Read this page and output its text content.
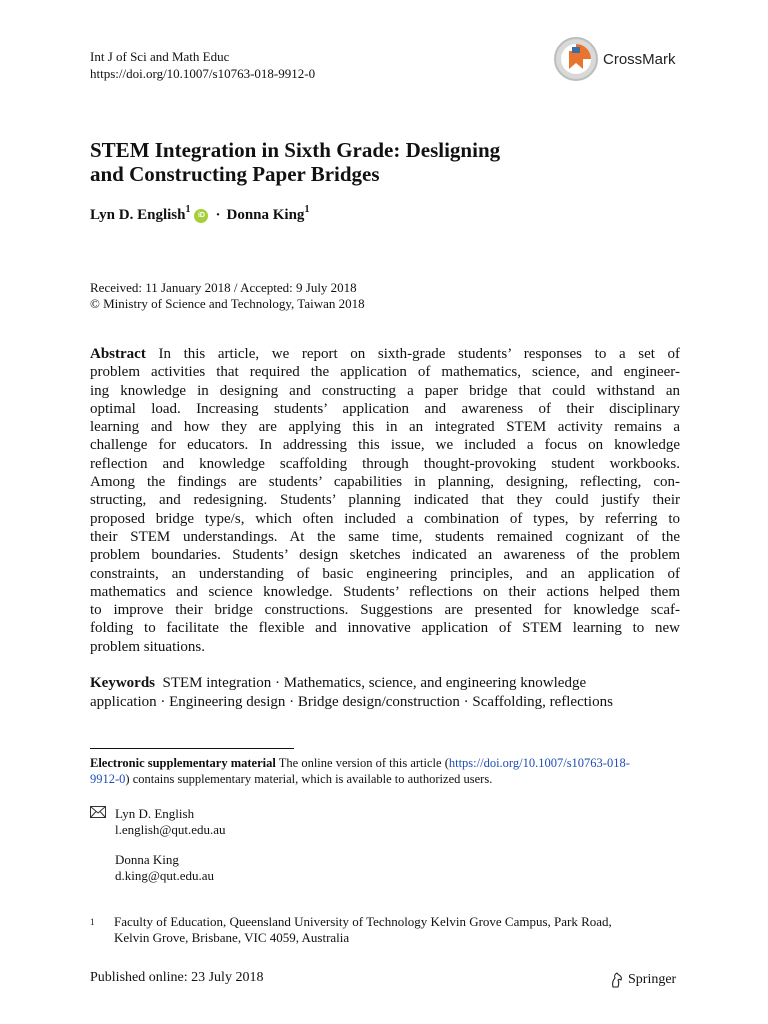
Int J of Sci and Math Educ
https://doi.org/10.1007/s10763-018-9912-0
CrossMark
STEM Integration in Sixth Grade: Desligning
and Constructing Paper Bridges
Lyn D. English$^1$	iD · Donna King$^1$
Received: 11 January 2018 / Accepted: 9 July 2018
© Ministry of Science and Technology, Taiwan 2018
Abstract In this article, we report on sixth-grade students’ responses to a set of
problem activities that required the application of mathematics, science, and engineer-
ing knowledge in designing and constructing a paper bridge that could withstand an
optimal load. Increasing students’ application and awareness of their disciplinary
learning and how they are applying this in an integrated STEM activity remains a
challenge for educators. In addressing this issue, we included a focus on knowledge
reflection and knowledge scaffolding through thought-provoking student workbooks.
Among the findings are students’ capabilities in planning, designing, reflecting, con-
structing, and redesigning. Students’ planning indicated that they could justify their
proposed bridge type/s, which often included a combination of types, by referring to
their STEM understandings. At the same time, students remained cognizant of the
problem boundaries. Students’ design sketches indicated an awareness of the problem
constraints, an understanding of basic engineering principles, and an application of
mathematics and science knowledge. Students’ reflections on their actions helped them
to improve their bridge constructions. Suggestions are presented for knowledge scaf-
folding to facilitate the flexible and innovative application of STEM learning to new
problem situations.
Keywords STEM integration · Mathematics, science, and engineering knowledge
application · Engineering design · Bridge design/construction · Scaffolding, reflections
Electronic supplementary material The online version of this article (https://doi.org/10.1007/s10763-018-
9912-0) contains supplementary material, which is available to authorized users.
Lyn D. English
l.english@qut.edu.au
Donna King
d.king@qut.edu.au
1	Faculty of Education, Queensland University of Technology Kelvin Grove Campus, Park Road,
Kelvin Grove, Brisbane, VIC 4059, Australia
Published online: 23 July 2018	Springer
